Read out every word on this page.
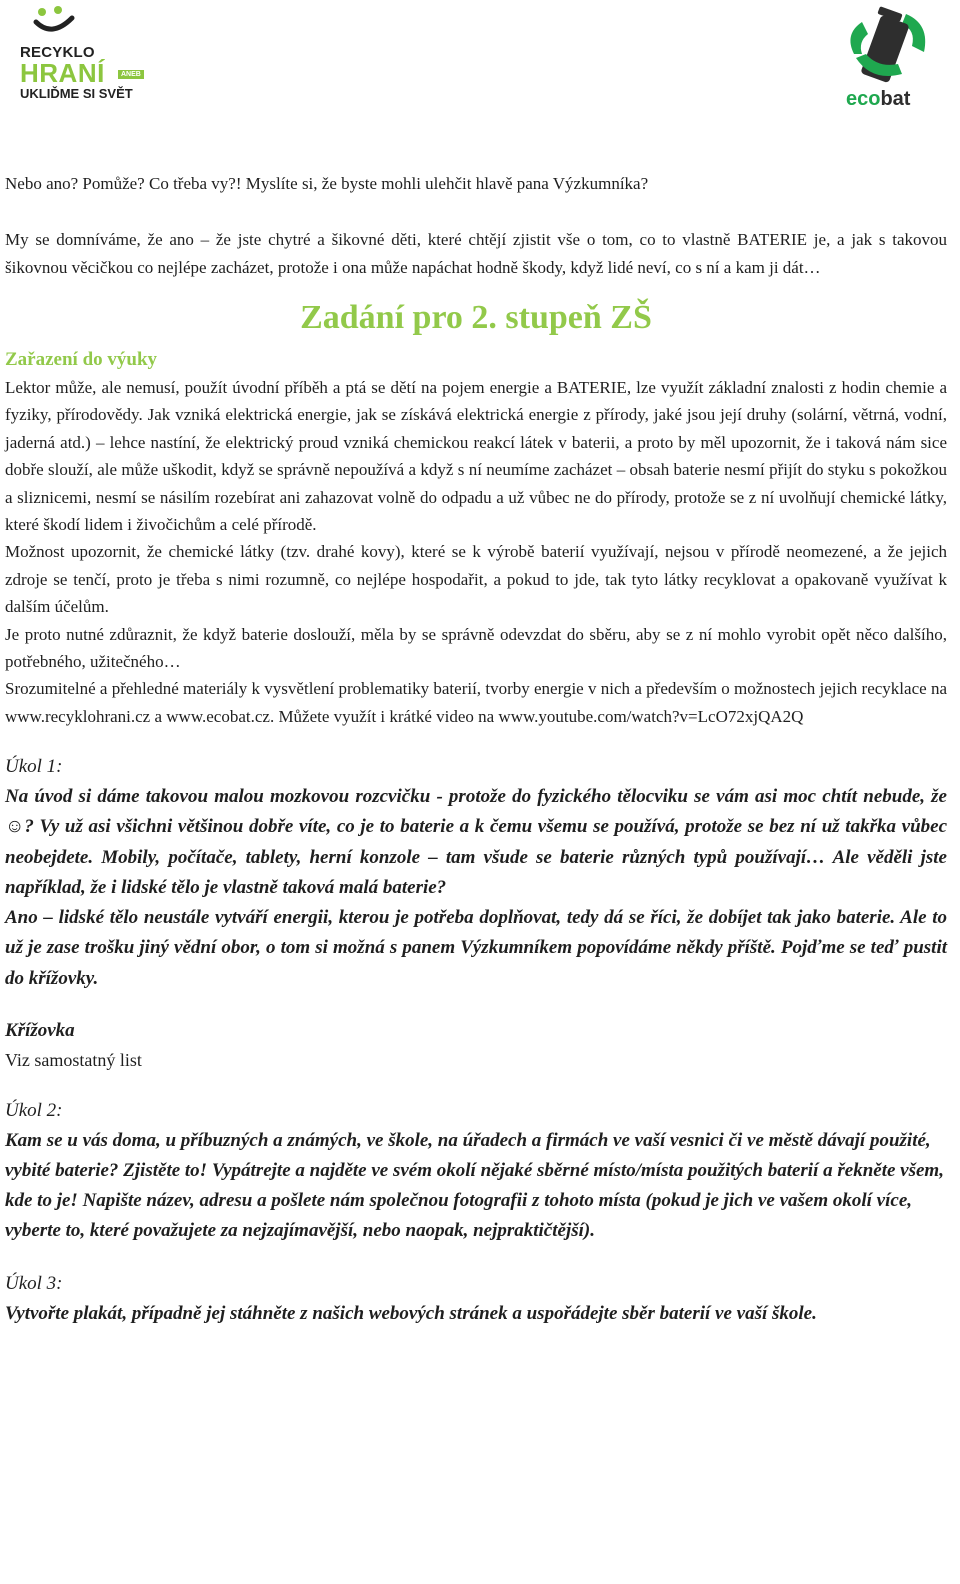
RECYKLO
HRANÍ	ANEB
UKLIĎME SI SVĚT	ecobat

Nebo ano? Pomůže? Co třeba vy?! Myslíte si, že byste mohli ulehčit hlavě pana Výzkumníka?

My se domníváme, že ano – že jste chytré a šikovné děti, které chtějí zjistit vše o tom, co to vlastně BATERIE je, a jak s takovou šikovnou věcičkou co nejlépe zacházet, protože i ona může napáchat hodně škody, když lidé neví, co s ní a kam ji dát…

Zadání pro 2. stupeň ZŠ
Zařazení do výuky

Lektor může, ale nemusí, použít úvodní příběh a ptá se dětí na pojem energie a BATERIE, lze využít základní znalosti z hodin chemie a fyziky, přírodovědy. Jak vzniká elektrická energie, jak se získává elektrická energie z přírody, jaké jsou její druhy (solární, větrná, vodní, jaderná atd.) – lehce nastíní, že elektrický proud vzniká chemickou reakcí látek v baterii, a proto by měl upozornit, že i taková nám sice dobře slouží, ale může uškodit, když se správně nepoužívá a když s ní neumíme zacházet – obsah baterie nesmí přijít do styku s pokožkou a sliznicemi, nesmí se násilím rozebírat ani zahazovat volně do odpadu a už vůbec ne do přírody, protože se z ní uvolňují chemické látky, které škodí lidem i živočichům a celé přírodě.

Možnost upozornit, že chemické látky (tzv. drahé kovy), které se k výrobě baterií využívají, nejsou v přírodě neomezené, a že jejich zdroje se tenčí, proto je třeba s nimi rozumně, co nejlépe hospodařit, a pokud to jde, tak tyto látky recyklovat a opakovaně využívat k dalším účelům.

Je proto nutné zdůraznit, že když baterie doslouží, měla by se správně odevzdat do sběru, aby se z ní mohlo vyrobit opět něco dalšího, potřebného, užitečného…

Srozumitelné a přehledné materiály k vysvětlení problematiky baterií, tvorby energie v nich a především o možnostech jejich recyklace na www.recyklohrani.cz a www.ecobat.cz. Můžete využít i krátké video na www.youtube.com/watch?v=LcO72xjQA2Q

Úkol 1:

Na úvod si dáme takovou malou mozkovou rozcvičku - protože do fyzického tělocviku se vám asi moc chtít nebude, že ☺? Vy už asi všichni většinou dobře víte, co je to baterie a k čemu všemu se používá, protože se bez ní už takřka vůbec neobejdete. Mobily, počítače, tablety, herní konzole – tam všude se baterie různých typů používají… Ale věděli jste například, že i lidské tělo je vlastně taková malá baterie?

Ano – lidské tělo neustále vytváří energii, kterou je potřeba doplňovat, tedy dá se říci, že dobíjet tak jako baterie. Ale to už je zase trošku jiný vědní obor, o tom si možná s panem Výzkumníkem popovídáme někdy příště. Pojďme se teď pustit do křížovky.

Křížovka

Viz samostatný list

Úkol 2:

Kam se u vás doma, u příbuzných a známých, ve škole, na úřadech a firmách ve vaší vesnici či ve městě dávají použité, vybité baterie? Zjistěte to! Vypátrejte a najděte ve svém okolí nějaké sběrné místo/místa použitých baterií a řekněte všem, kde to je! Napište název, adresu a pošlete nám společnou fotografii z tohoto místa (pokud je jich ve vašem okolí více, vyberte to, které považujete za nejzajímavější, nebo naopak, nejpraktičtější).

Úkol 3:

Vytvořte plakát, případně jej stáhněte z našich webových stránek a uspořádejte sběr baterií ve vaší škole.
